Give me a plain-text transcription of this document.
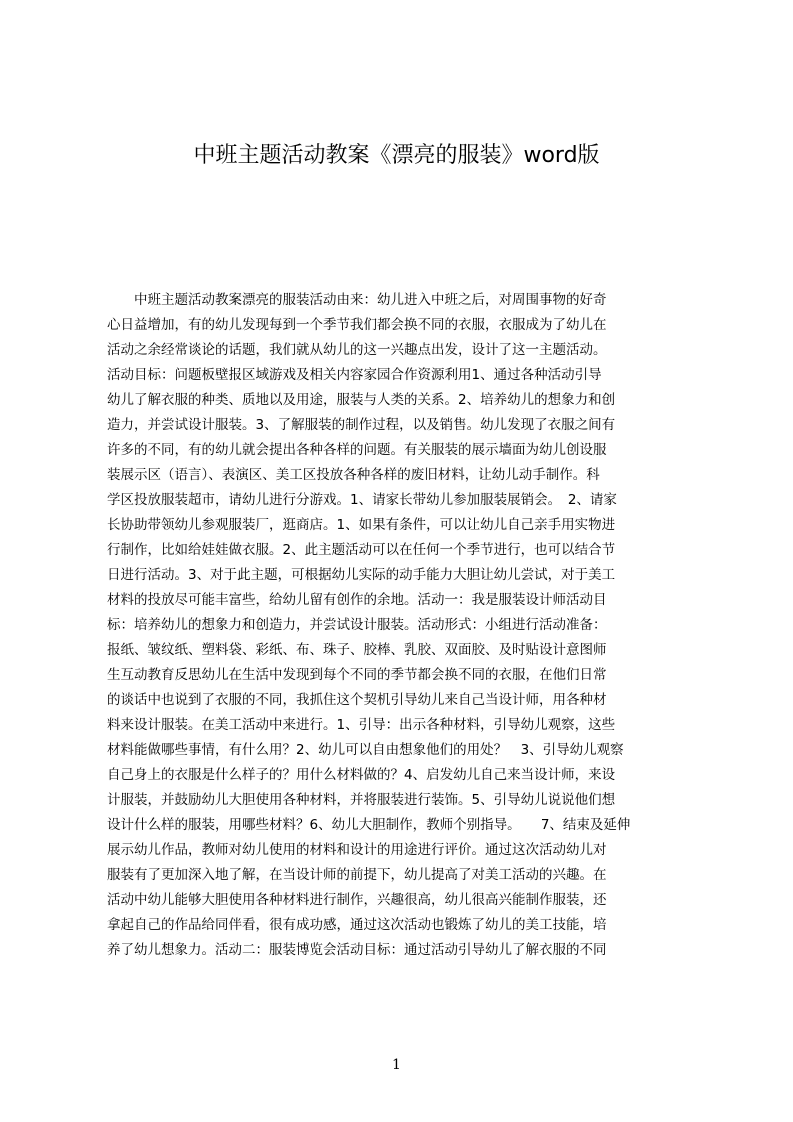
中班主题活动教案《漂亮的服装》word版
　　中班主题活动教案漂亮的服装活动由来：幼儿进入中班之后，对周围事物的好奇
心日益增加，有的幼儿发现每到一个季节我们都会换不同的衣服，衣服成为了幼儿在
活动之余经常谈论的话题，我们就从幼儿的这一兴趣点出发，设计了这一主题活动。
活动目标：问题板壁报区域游戏及相关内容家园合作资源利用1、通过各种活动引导
幼儿了解衣服的种类、质地以及用途，服装与人类的关系。2、培养幼儿的想象力和创
造力，并尝试设计服装。3、了解服装的制作过程，以及销售。幼儿发现了衣服之间有
许多的不同，有的幼儿就会提出各种各样的问题。有关服装的展示墙面为幼儿创设服
装展示区（语言）、表演区、美工区投放各种各样的废旧材料，让幼儿动手制作。科
学区投放服装超市，请幼儿进行分游戏。1、请家长带幼儿参加服装展销会。　2、请家
长协助带领幼儿参观服装厂，逛商店。1、如果有条件，可以让幼儿自己亲手用实物进
行制作，比如给娃娃做衣服。2、此主题活动可以在任何一个季节进行，也可以结合节
日进行活动。3、对于此主题，可根据幼儿实际的动手能力大胆让幼儿尝试，对于美工
材料的投放尽可能丰富些，给幼儿留有创作的余地。活动一：我是服装设计师活动目
标：培养幼儿的想象力和创造力，并尝试设计服装。活动形式：小组进行活动准备：
报纸、皱纹纸、塑料袋、彩纸、布、珠子、胶棒、乳胶、双面胶、及时贴设计意图师
生互动教育反思幼儿在生活中发现到每个不同的季节都会换不同的衣服，在他们日常
的谈话中也说到了衣服的不同，我抓住这个契机引导幼儿来自己当设计师，用各种材
料来设计服装。在美工活动中来进行。1、引导：出示各种材料，引导幼儿观察，这些
材料能做哪些事情，有什么用？2、幼儿可以自由想象他们的用处？　3、引导幼儿观察
自己身上的衣服是什么样子的？用什么材料做的？4、启发幼儿自己来当设计师，来设
计服装，并鼓励幼儿大胆使用各种材料，并将服装进行装饰。5、引导幼儿说说他们想
设计什么样的服装，用哪些材料？6、幼儿大胆制作，教师个别指导。　　7、结束及延伸
展示幼儿作品，教师对幼儿使用的材料和设计的用途进行评价。通过这次活动幼儿对
服装有了更加深入地了解，在当设计师的前提下，幼儿提高了对美工活动的兴趣。在
活动中幼儿能够大胆使用各种材料进行制作，兴趣很高，幼儿很高兴能制作服装，还
拿起自己的作品给同伴看，很有成功感，通过这次活动也锻炼了幼儿的美工技能，培
养了幼儿想象力。活动二：服装博览会活动目标：通过活动引导幼儿了解衣服的不同
1
